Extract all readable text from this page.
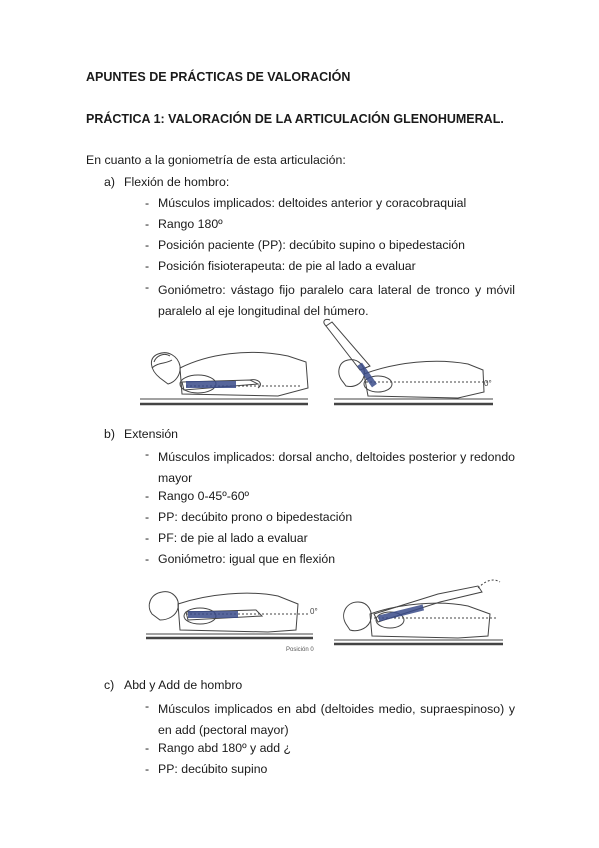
APUNTES DE PRÁCTICAS DE VALORACIÓN
PRÁCTICA 1: VALORACIÓN DE LA ARTICULACIÓN GLENOHUMERAL.
En cuanto a la goniometría de esta articulación:
a) Flexión de hombro:
- Músculos implicados: deltoides anterior y coracobraquial
- Rango 180º
- Posición paciente (PP): decúbito supino o bipedestación
- Posición fisioterapeuta: de pie al lado a evaluar
- Goniómetro: vástago fijo paralelo cara lateral de tronco y móvil paralelo al eje longitudinal del húmero.
0°
b) Extensión
- Músculos implicados: dorsal ancho, deltoides posterior y redondo mayor
- Rango 0-45º-60º
- PP: decúbito prono o bipedestación
- PF: de pie al lado a evaluar
- Goniómetro: igual que en flexión
0°
Posición 0
c) Abd y Add de hombro
- Músculos implicados en abd (deltoides medio, supraespinoso) y en add (pectoral mayor)
- Rango abd 180º y add ¿
- PP: decúbito supino
